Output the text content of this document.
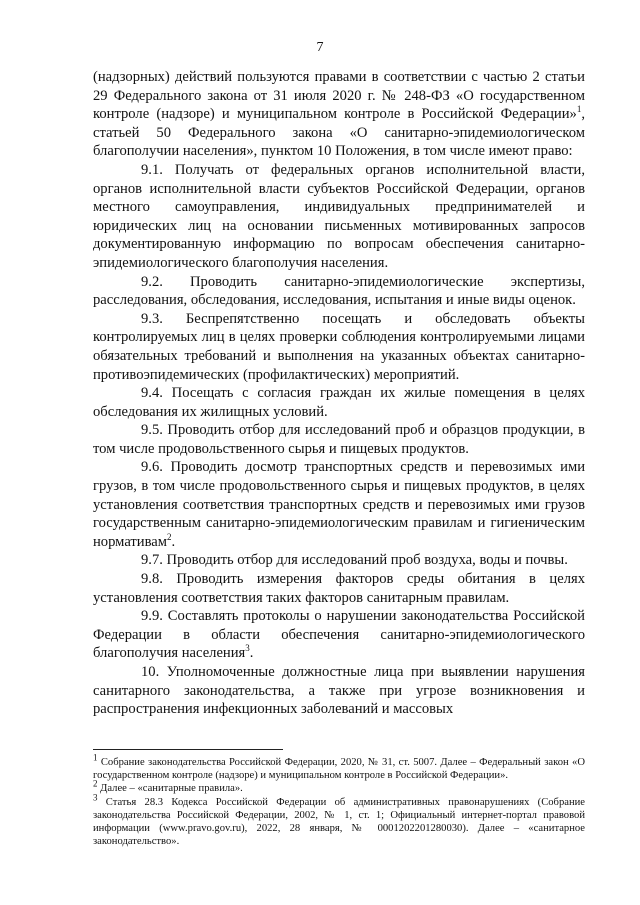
7

(надзорных) действий пользуются правами в соответствии с частью 2 статьи 29 Федерального закона от 31 июля 2020 г. № 248-ФЗ «О государственном контроле (надзоре) и муниципальном контроле в Российской Федерации»$^1$, статьей 50 Федерального закона «О санитарно-эпидемиологическом благополучии населения», пунктом 10 Положения, в том числе имеют право:

9.1. Получать от федеральных органов исполнительной власти, органов исполнительной власти субъектов Российской Федерации, органов местного самоуправления, индивидуальных предпринимателей и юридических лиц на основании письменных мотивированных запросов документированную информацию по вопросам обеспечения санитарно-эпидемиологического благополучия населения.

9.2. Проводить санитарно-эпидемиологические экспертизы, расследования, обследования, исследования, испытания и иные виды оценок.

9.3. Беспрепятственно посещать и обследовать объекты контролируемых лиц в целях проверки соблюдения контролируемыми лицами обязательных требований и выполнения на указанных объектах санитарно-противоэпидемических (профилактических) мероприятий.

9.4. Посещать с согласия граждан их жилые помещения в целях обследования их жилищных условий.

9.5. Проводить отбор для исследований проб и образцов продукции, в том числе продовольственного сырья и пищевых продуктов.

9.6. Проводить досмотр транспортных средств и перевозимых ими грузов, в том числе продовольственного сырья и пищевых продуктов, в целях установления соответствия транспортных средств и перевозимых ими грузов государственным санитарно-эпидемиологическим правилам и гигиеническим нормативам$^2$.

9.7. Проводить отбор для исследований проб воздуха, воды и почвы.

9.8. Проводить измерения факторов среды обитания в целях установления соответствия таких факторов санитарным правилам.

9.9. Составлять протоколы о нарушении законодательства Российской Федерации в области обеспечения санитарно-эпидемиологического благополучия населения$^3$.

10. Уполномоченные должностные лица при выявлении нарушения санитарного законодательства, а также при угрозе возникновения и распространения инфекционных заболеваний и массовых

$^1$ Собрание законодательства Российской Федерации, 2020, № 31, ст. 5007. Далее – Федеральный закон «О государственном контроле (надзоре) и муниципальном контроле в Российской Федерации».

$^2$ Далее – «санитарные правила».

$^3$ Статья 28.3 Кодекса Российской Федерации об административных правонарушениях (Собрание законодательства Российской Федерации, 2002, № 1, ст. 1; Официальный интернет-портал правовой информации (www.pravo.gov.ru), 2022, 28 января, № 0001202201280030). Далее – «санитарное законодательство».
